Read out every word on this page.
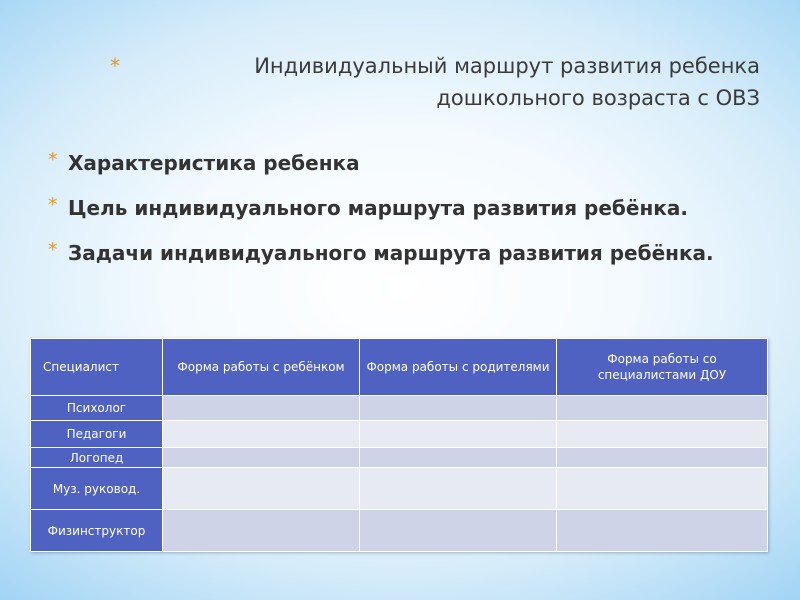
*	Индивидуальный маршрут развития ребенка
дошкольного возраста с ОВЗ
* Характеристика ребенка
* Цель индивидуального маршрута развития ребёнка.
* Задачи индивидуального маршрута развития ребёнка.
Специалист	Форма работы с ребёнком	Форма работы с родителями	Форма работы со специалистами ДОУ
Психолог			
Педагоги			
Логопед			
Муз. руковод.			
Физинструктор			
